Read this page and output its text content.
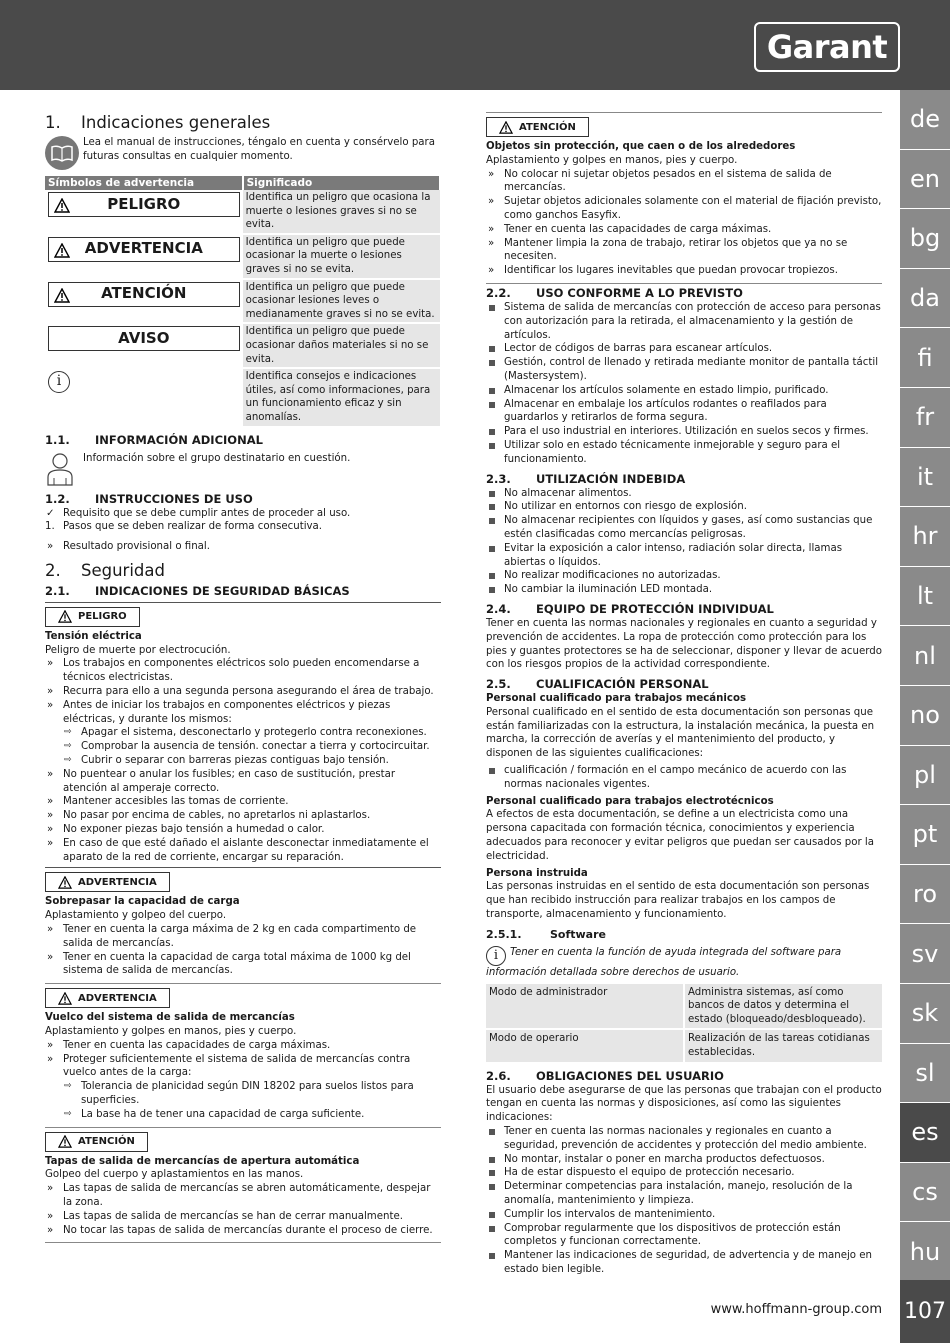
Garant
de
en
bg
da
fi
fr
it
hr
lt
nl
no
pl
pt
ro
sv
sk
sl
es
cs
hu
107
www.hoffmann-group.com
1.	Indicaciones generales
Lea el manual de instrucciones, téngalo en cuenta y consérvelo para futuras consultas en cualquier momento.
Símbolos de advertencia	Significado

PELIGRO	Identifica un peligro que ocasiona la muerte o lesiones graves si no se evita.

ADVERTENCIA	Identifica un peligro que puede ocasionar la muerte o lesiones graves si no se evita.

ATENCIÓN	Identifica un peligro que puede ocasionar lesiones leves o medianamente graves si no se evita.

AVISO	Identifica un peligro que puede ocasionar daños materiales si no se evita.

i	Identifica consejos e indicaciones útiles, así como informaciones, para un funcionamiento eficaz y sin anomalías.
1.1.	INFORMACIÓN ADICIONAL
Información sobre el grupo destinatario en cuestión.
1.2.	INSTRUCCIONES DE USO
✓ Requisito que se debe cumplir antes de proceder al uso.
1. Pasos que se deben realizar de forma consecutiva.
» Resultado provisional o final.
2.	Seguridad
2.1.	INDICACIONES DE SEGURIDAD BÁSICAS
PELIGRO
Tensión eléctrica
Peligro de muerte por electrocución.
» Los trabajos en componentes eléctricos solo pueden encomendarse a técnicos electricistas.
» Recurra para ello a una segunda persona asegurando el área de trabajo.
» Antes de iniciar los trabajos en componentes eléctricos y piezas eléctricas, y durante los mismos:
⇨ Apagar el sistema, desconectarlo y protegerlo contra reconexiones.
⇨ Comprobar la ausencia de tensión. conectar a tierra y cortocircuitar.
⇨ Cubrir o separar con barreras piezas contiguas bajo tensión.
» No puentear o anular los fusibles; en caso de sustitución, prestar atención al amperaje correcto.
» Mantener accesibles las tomas de corriente.
» No pasar por encima de cables, no apretarlos ni aplastarlos.
» No exponer piezas bajo tensión a humedad o calor.
» En caso de que esté dañado el aislante desconectar inmediatamente el aparato de la red de corriente, encargar su reparación.
ADVERTENCIA
Sobrepasar la capacidad de carga
Aplastamiento y golpeo del cuerpo.
» Tener en cuenta la carga máxima de 2 kg en cada compartimento de salida de mercancías.
» Tener en cuenta la capacidad de carga total máxima de 1000 kg del sistema de salida de mercancías.
ADVERTENCIA
Vuelco del sistema de salida de mercancías
Aplastamiento y golpes en manos, pies y cuerpo.
» Tener en cuenta las capacidades de carga máximas.
» Proteger suficientemente el sistema de salida de mercancías contra vuelco antes de la carga:
⇨ Tolerancia de planicidad según DIN 18202 para suelos listos para superficies.
⇨ La base ha de tener una capacidad de carga suficiente.
ATENCIÓN
Tapas de salida de mercancías de apertura automática
Golpeo del cuerpo y aplastamientos en las manos.
» Las tapas de salida de mercancías se abren automáticamente, despejar la zona.
» Las tapas de salida de mercancías se han de cerrar manualmente.
» No tocar las tapas de salida de mercancías durante el proceso de cierre.
ATENCIÓN
Objetos sin protección, que caen o de los alrededores
Aplastamiento y golpes en manos, pies y cuerpo.
» No colocar ni sujetar objetos pesados en el sistema de salida de mercancías.
» Sujetar objetos adicionales solamente con el material de fijación previsto, como ganchos Easyfix.
» Tener en cuenta las capacidades de carga máximas.
» Mantener limpia la zona de trabajo, retirar los objetos que ya no se necesiten.
» Identificar los lugares inevitables que puedan provocar tropiezos.
2.2.	USO CONFORME A LO PREVISTO
Sistema de salida de mercancías con protección de acceso para personas con autorización para la retirada, el almacenamiento y la gestión de artículos.
Lector de códigos de barras para escanear artículos.
Gestión, control de llenado y retirada mediante monitor de pantalla táctil (Mastersystem).
Almacenar los artículos solamente en estado limpio, purificado.
Almacenar en embalaje los artículos rodantes o reafilados para guardarlos y retirarlos de forma segura.
Para el uso industrial en interiores. Utilización en suelos secos y firmes.
Utilizar solo en estado técnicamente inmejorable y seguro para el funcionamiento.
2.3.	UTILIZACIÓN INDEBIDA
No almacenar alimentos.
No utilizar en entornos con riesgo de explosión.
No almacenar recipientes con líquidos y gases, así como sustancias que estén clasificadas como mercancías peligrosas.
Evitar la exposición a calor intenso, radiación solar directa, llamas abiertas o líquidos.
No realizar modificaciones no autorizadas.
No cambiar la iluminación LED montada.
2.4.	EQUIPO DE PROTECCIÓN INDIVIDUAL
Tener en cuenta las normas nacionales y regionales en cuanto a seguridad y prevención de accidentes. La ropa de protección como protección para los pies y guantes protectores se ha de seleccionar, disponer y llevar de acuerdo con los riesgos propios de la actividad correspondiente.
2.5.	CUALIFICACIÓN PERSONAL
Personal cualificado para trabajos mecánicos
Personal cualificado en el sentido de esta documentación son personas que están familiarizadas con la estructura, la instalación mecánica, la puesta en marcha, la corrección de averías y el mantenimiento del producto, y disponen de las siguientes cualificaciones:
cualificación / formación en el campo mecánico de acuerdo con las normas nacionales vigentes.
Personal cualificado para trabajos electrotécnicos
A efectos de esta documentación, se define a un electricista como una persona capacitada con formación técnica, conocimientos y experiencia adecuados para reconocer y evitar peligros que puedan ser causados por la electricidad.
Persona instruida
Las personas instruidas en el sentido de esta documentación son personas que han recibido instrucción para realizar trabajos en los campos de transporte, almacenamiento y funcionamiento.
2.5.1.	Software
i Tener en cuenta la función de ayuda integrada del software para información detallada sobre derechos de usuario.
Modo de administrador	Administra sistemas, así como bancos de datos y determina el estado (bloqueado/desbloqueado).
Modo de operario	Realización de las tareas cotidianas establecidas.
2.6.	OBLIGACIONES DEL USUARIO
El usuario debe asegurarse de que las personas que trabajan con el producto tengan en cuenta las normas y disposiciones, así como las siguientes indicaciones:
Tener en cuenta las normas nacionales y regionales en cuanto a seguridad, prevención de accidentes y protección del medio ambiente.
No montar, instalar o poner en marcha productos defectuosos.
Ha de estar dispuesto el equipo de protección necesario.
Determinar competencias para instalación, manejo, resolución de la anomalía, mantenimiento y limpieza.
Cumplir los intervalos de mantenimiento.
Comprobar regularmente que los dispositivos de protección están completos y funcionan correctamente.
Mantener las indicaciones de seguridad, de advertencia y de manejo en estado bien legible.
